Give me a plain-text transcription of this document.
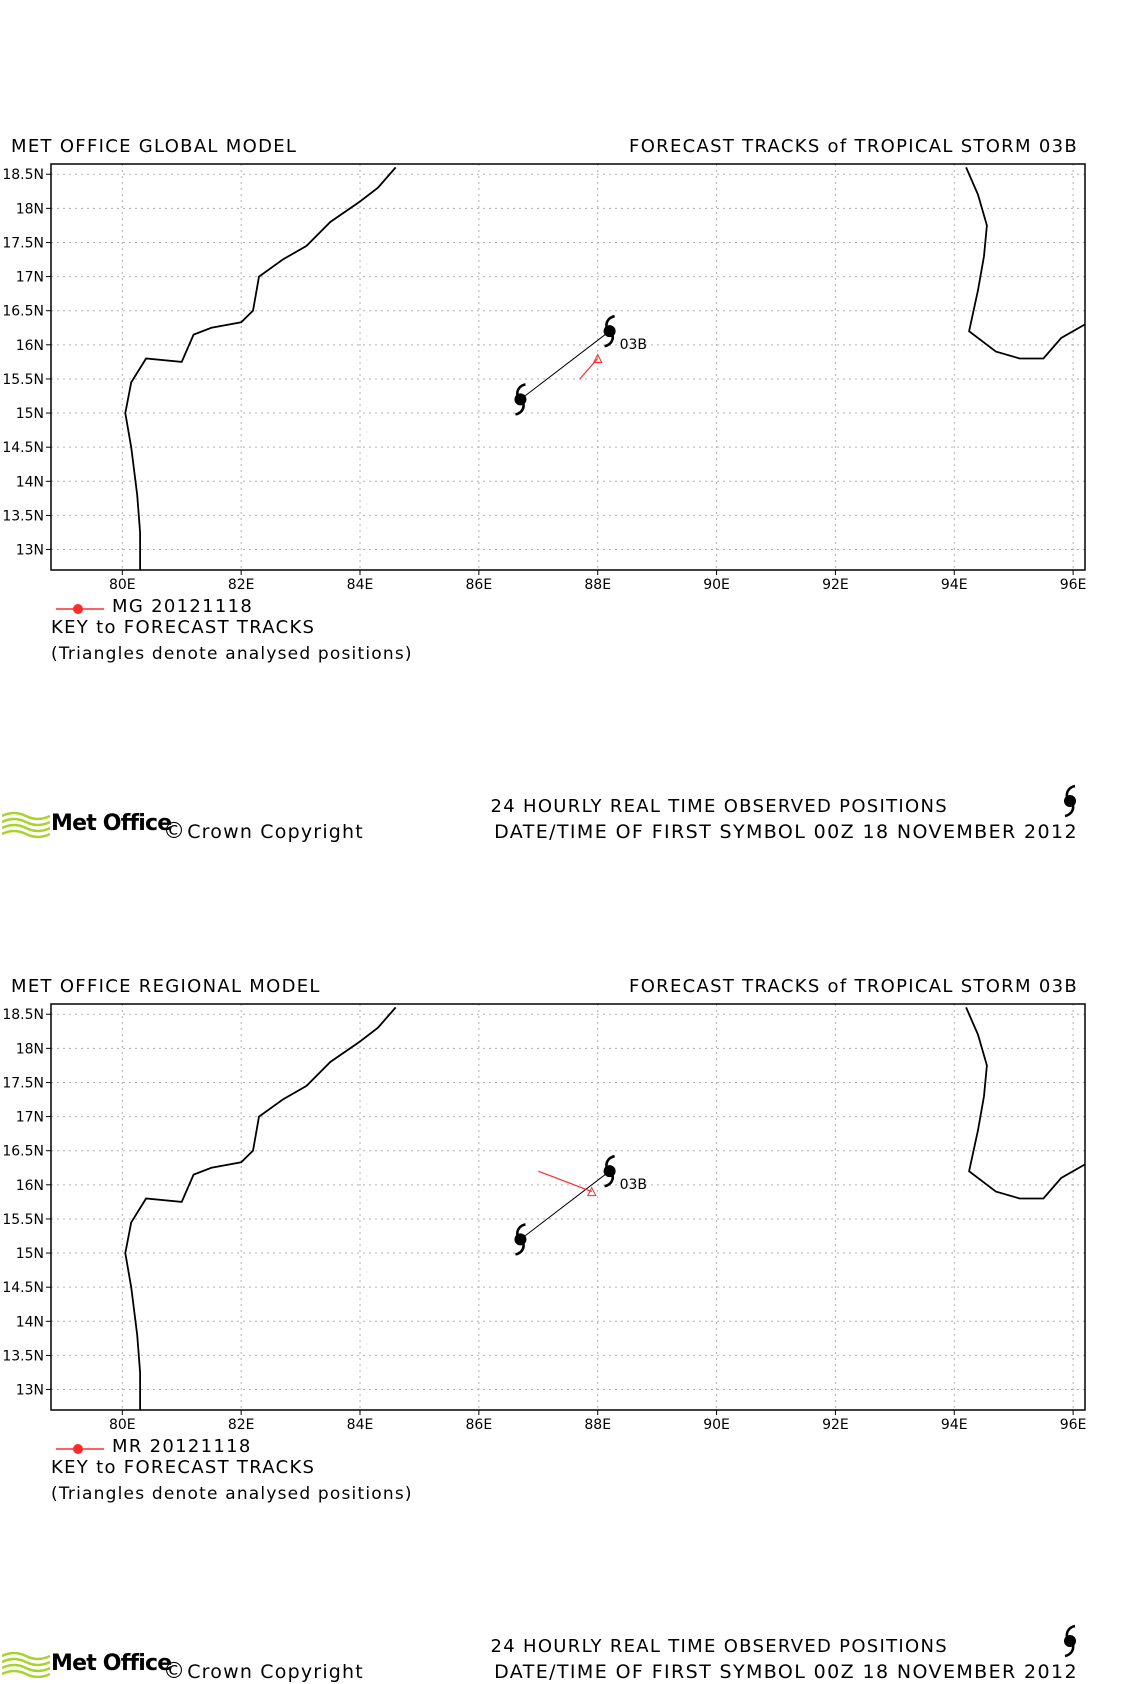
MET OFFICE GLOBAL MODEL	FORECAST TRACKS of TROPICAL STORM 03B
80E	82E	84E	86E	88E	90E	92E	94E	96E
18.5N
18N
17.5N
17N
16.5N
16N
15.5N
15N
14.5N
14N
13.5N
13N
03B
MG 20121118
KEY to FORECAST TRACKS
(Triangles denote analysed positions)
Met Office
©Crown Copyright
24 HOURLY REAL TIME OBSERVED POSITIONS
DATE/TIME OF FIRST SYMBOL 00Z 18 NOVEMBER 2012
MET OFFICE REGIONAL MODEL	FORECAST TRACKS of TROPICAL STORM 03B
80E	82E	84E	86E	88E	90E	92E	94E	96E
18.5N
18N
17.5N
17N
16.5N
16N
15.5N
15N
14.5N
14N
13.5N
13N
03B
MR 20121118
KEY to FORECAST TRACKS
(Triangles denote analysed positions)
Met Office
©Crown Copyright
24 HOURLY REAL TIME OBSERVED POSITIONS
DATE/TIME OF FIRST SYMBOL 00Z 18 NOVEMBER 2012
